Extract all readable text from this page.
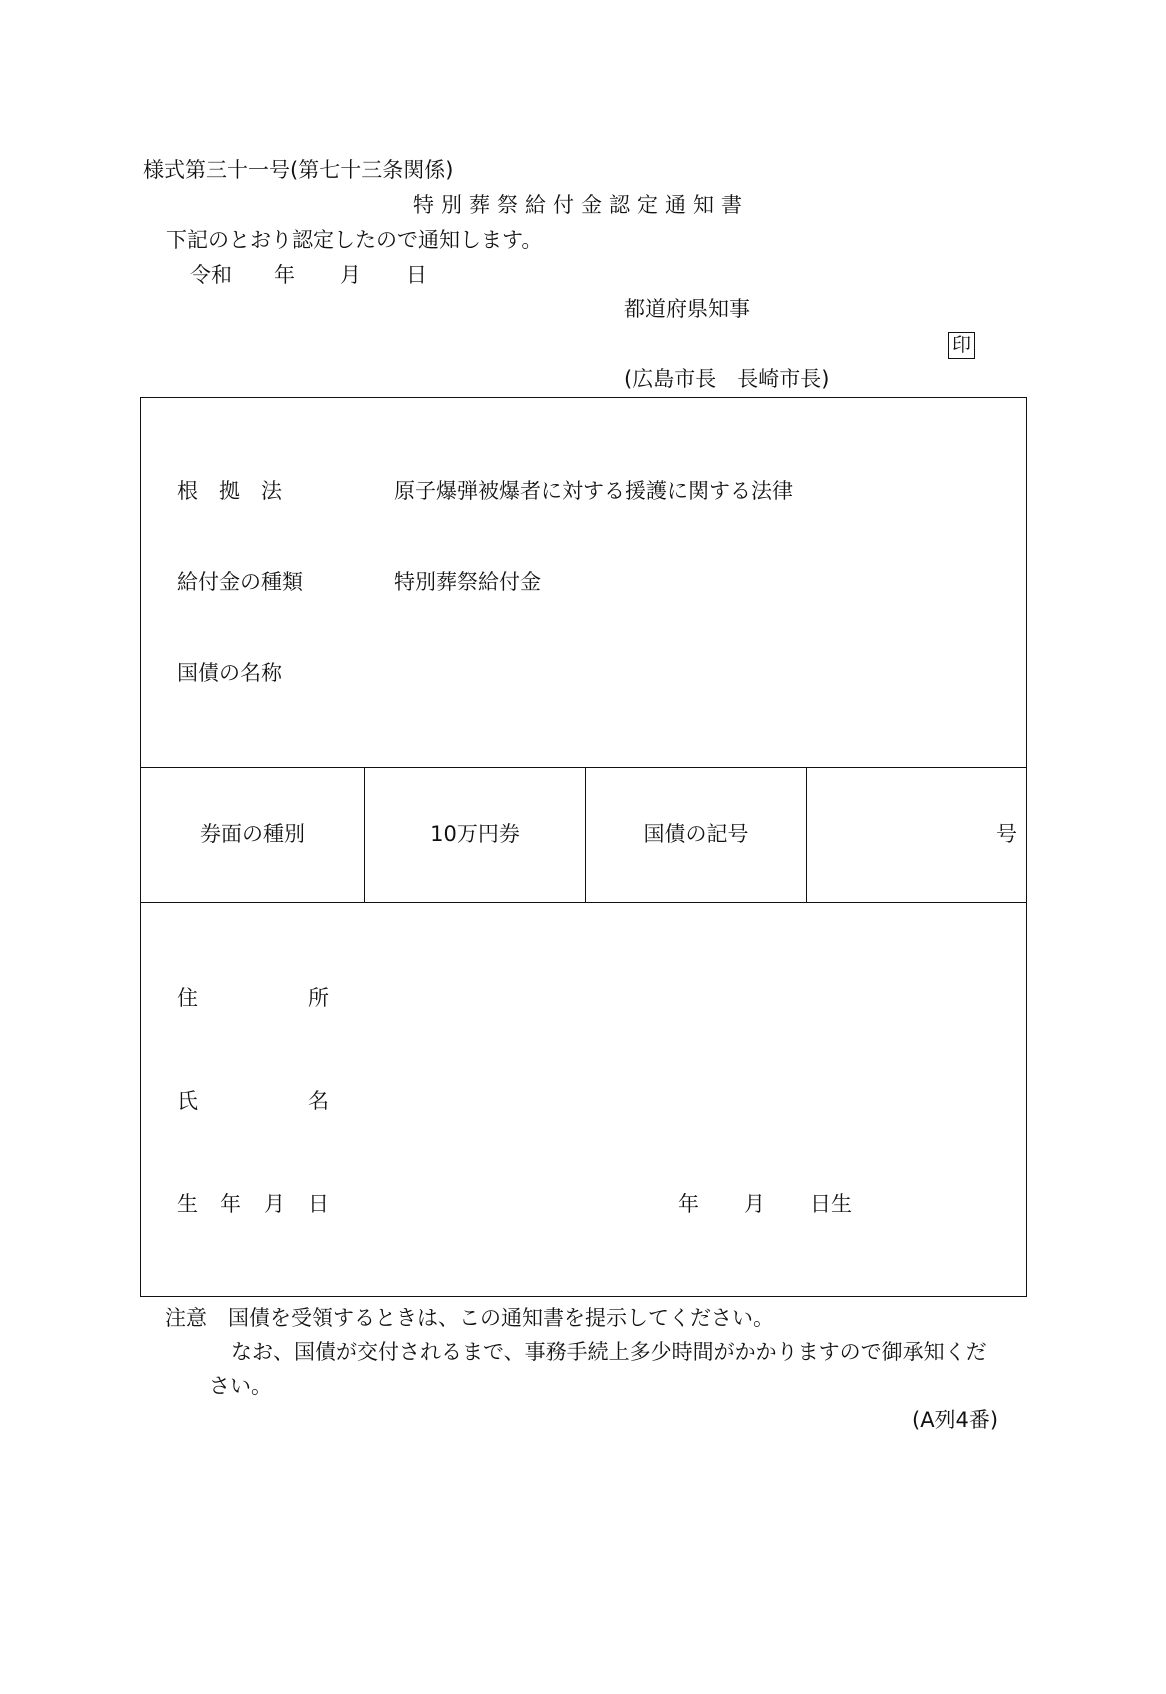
様式第三十一号(第七十三条関係)
特別葬祭給付金認定通知書
下記のとおり認定したので通知します。
令和 年 月 日
都道府県知事
印
(広島市長　長崎市長)
根　拠　法	原子爆弾被爆者に対する援護に関する法律
給付金の種類	特別葬祭給付金
国債の名称
券面の種別	10万円券	国債の記号	号
住	所
氏	名
生 年 月 日	年 月 日生
注意　国債を受領するときは、この通知書を提示してください。
なお、国債が交付されるまで、事務手続上多少時間がかかりますので御承知くだ
さい。
(A列4番)
